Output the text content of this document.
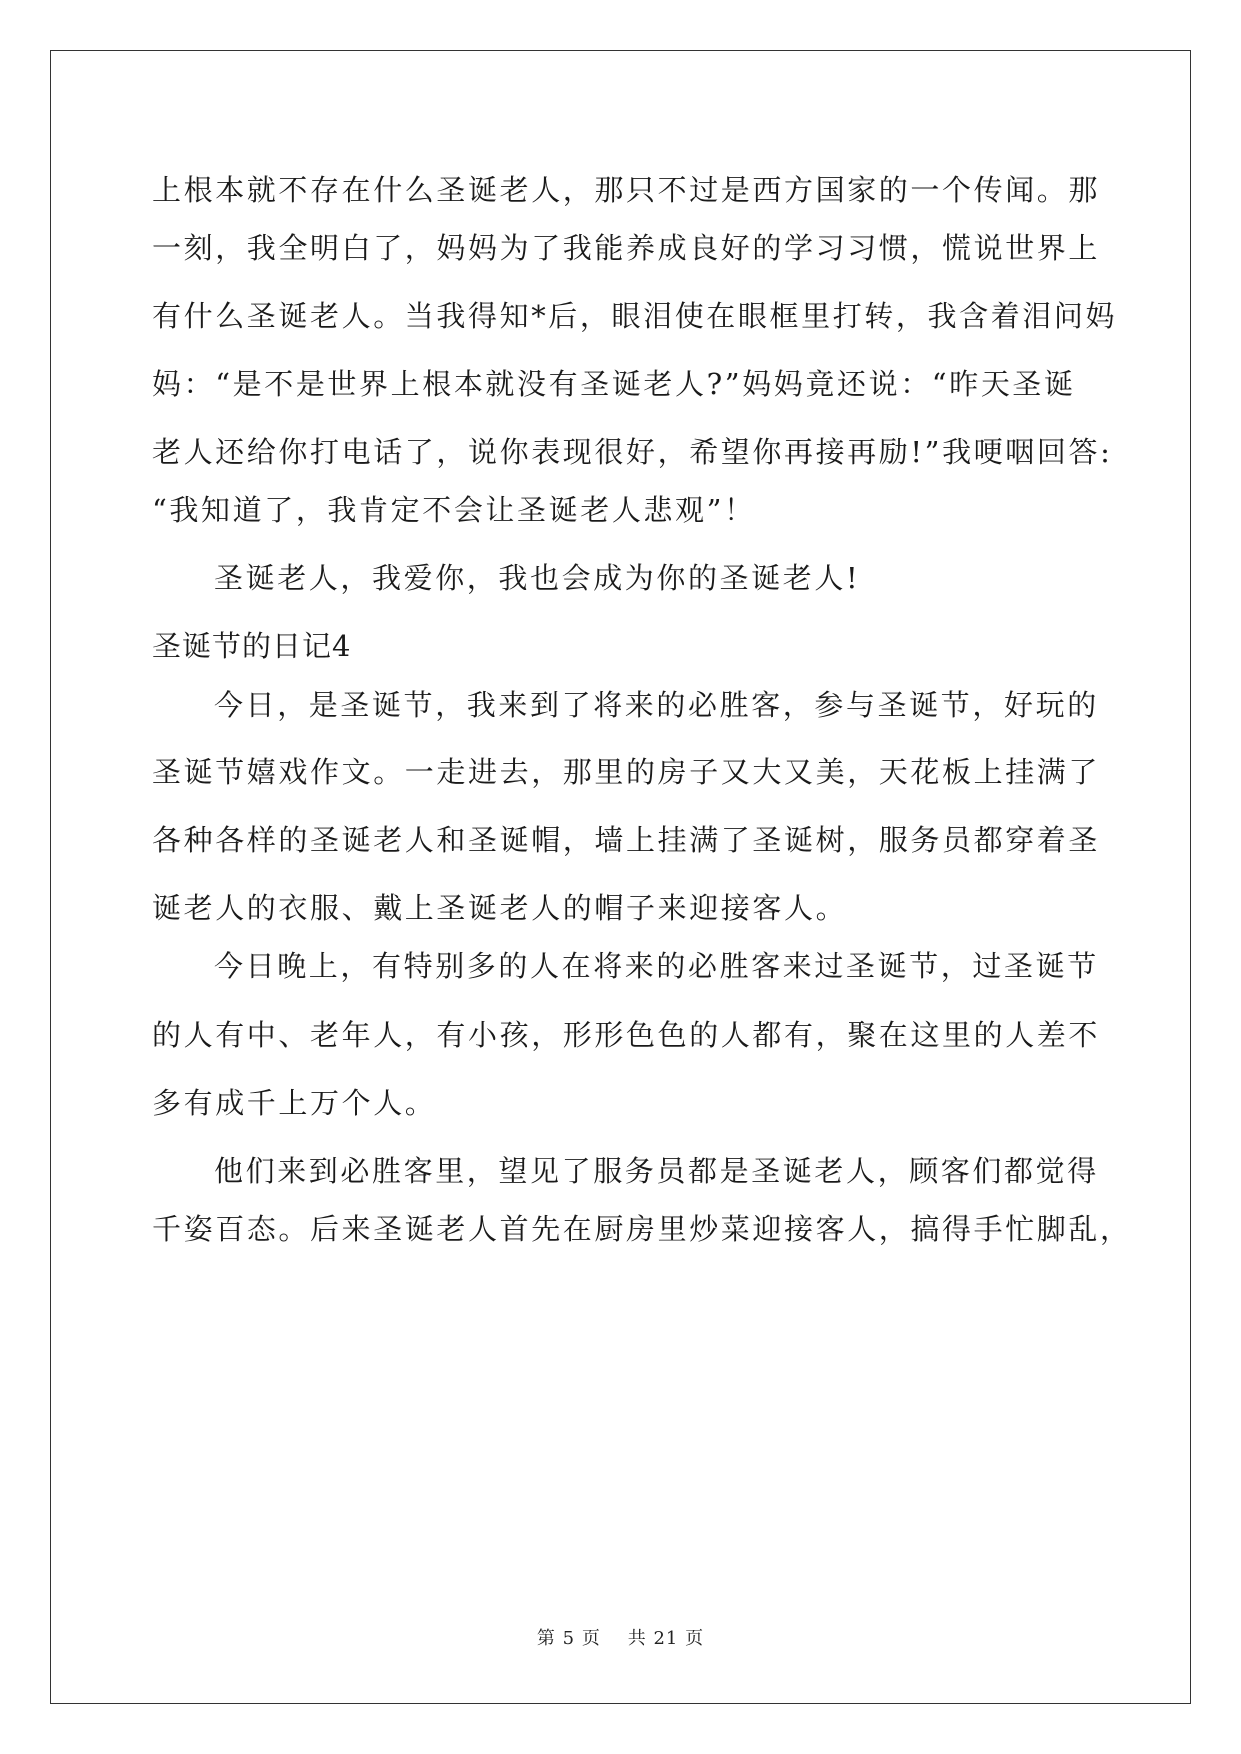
上根本就不存在什么圣诞老人，那只不过是西方国家的一个传闻。那
一刻，我全明白了，妈妈为了我能养成良好的学习习惯，慌说世界上
有什么圣诞老人。当我得知*后，眼泪使在眼框里打转，我含着泪问妈
妈：“是不是世界上根本就没有圣诞老人?”妈妈竟还说：“昨天圣诞
老人还给你打电话了，说你表现很好，希望你再接再励!”我哽咽回答:
“我知道了，我肯定不会让圣诞老人悲观”！
圣诞老人，我爱你，我也会成为你的圣诞老人!
圣诞节的日记4
今日，是圣诞节，我来到了将来的必胜客，参与圣诞节，好玩的
圣诞节嬉戏作文。一走进去，那里的房子又大又美，天花板上挂满了
各种各样的圣诞老人和圣诞帽，墙上挂满了圣诞树，服务员都穿着圣
诞老人的衣服、戴上圣诞老人的帽子来迎接客人。
今日晚上，有特别多的人在将来的必胜客来过圣诞节，过圣诞节
的人有中、老年人，有小孩，形形色色的人都有，聚在这里的人差不
多有成千上万个人。
他们来到必胜客里，望见了服务员都是圣诞老人，顾客们都觉得
千姿百态。后来圣诞老人首先在厨房里炒菜迎接客人，搞得手忙脚乱，
第 5 页 共 21 页
